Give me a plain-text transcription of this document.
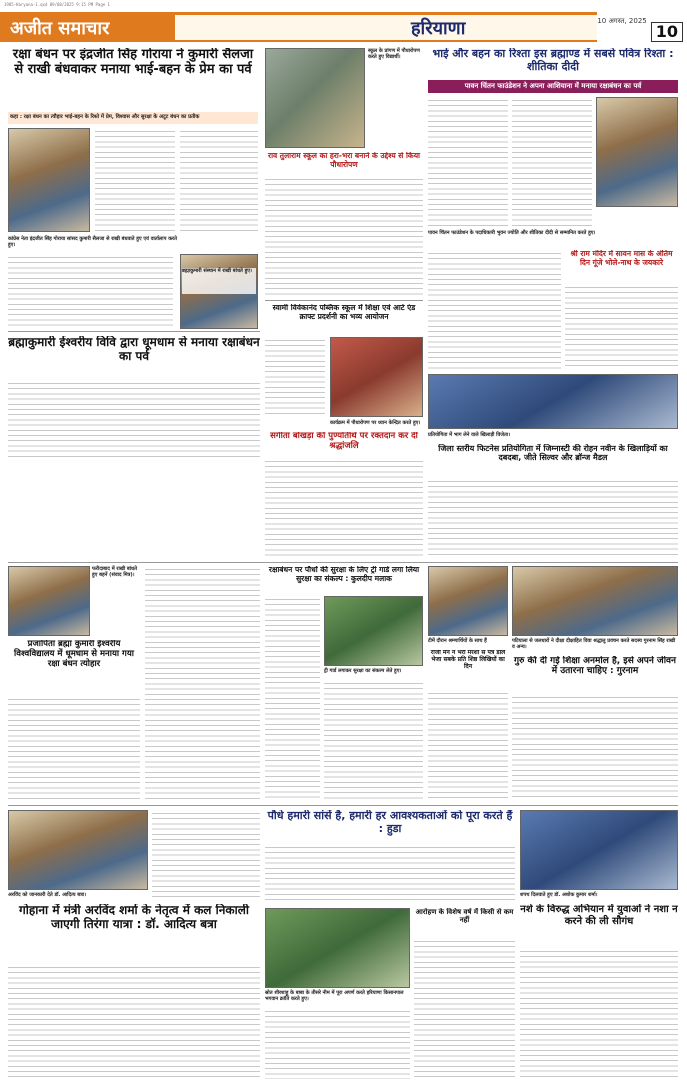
1985-Haryana-1.qxd 09/08/2025 9:15 PM Page 1
अजीत समाचार	हरियाणा	10 अगस्त, 2025
10
रक्षा बंधन पर इंद्रजीत सिंह गोराया ने कुमारी सैलजा से राखी बंधवाकर मनाया भाई-बहन के प्रेम का पर्व
कहा : रक्षा बंधन का त्यौहार भाई-बहन के रिश्ते में प्रेम, विश्वास और सुरक्षा के अटूट बंधन का प्रतीक
कांग्रेस नेता इंद्रजीत सिंह गोराया सांसद कुमारी सैलजा से राखी बंधवाते हुए एवं वार्तालाप करते हुए।
स्कूल के प्रांगण में पौधारोपण करते हुए विद्यार्थी।
ब्रह्माकुमारी संस्थान में राखी बांधते हुए।
ब्रह्माकुमारी ईश्वरीय विवि द्वारा धूमधाम से मनाया रक्षाबंधन का पर्व
राव तुलाराम स्कूल का हरा-भरा बनाने के उद्देश्य से किया पौधारोपण
स्वामी विवेकानंद पब्लिक स्कूल में शिक्षा एवं आर्ट एंड क्राफ्ट प्रदर्शनी का भव्य आयोजन
कार्यक्रम में पौधारोपण पर ध्यान केन्द्रित करते हुए।
संगीता बोखड़ा की पुण्यतिथि पर रक्तदान कर दी श्रद्धांजलि
भाई और बहन का रिश्ता इस ब्रह्माण्ड में सबसे पवित्र रिश्ता : शीतिका दीदी
पावन चिंतन फाउंडेशन ने अपना आशियाना में मनाया रक्षाबंधन का पर्व
पावन चिंतन फाउंडेशन के पदाधिकारी भुवन ज्योति और शीतिका दीदी से सम्मानित करते हुए।
श्री राम मंदिर में सावन मास के अंतिम दिन गूंजे भोले-नाथ के जयकारे
प्रतियोगिता में भाग लेने वाले खिलाड़ी विजेता।
जिला स्तरीय फिटनेस प्रतियोगिता में जिम्नास्टी की रोहन नवीन के खिलाड़ियों का दबदबा, जीते सिल्वर और ब्रॉन्ज मैडल
फरीदाबाद में राखी बांधते हुए बहनें (संवाद मित्र)।
प्रजापिता ब्रह्मा कुमारी ईश्वरीय विश्वविद्यालय में धूमधाम से मनाया गया रक्षा बंधन त्योहार
रक्षाबंधन पर पौधों की सुरक्षा के लिए ट्री गार्ड लगा लिया सुरक्षा का संकल्प : कुलदीप मलाक
ट्री गार्ड लगाकर सुरक्षा का संकल्प लेते हुए।
टीमें दौरान श्रम्णार्थियों के साथ हैं
राजी मैन ने भरी मरशा से पत्र डाले भेजा सबके प्रति शिष्ठ लिखियों का दिन
पटियाला से जलधारों ने दीक्षा दीक्षाहित विवा श्रद्धालु प्रवचन करते सदस्य गुरनाम सिंह राखी व अन्य।
गुरु की दी गई शिक्षा अनमोल है, इसे अपने जीवन में उतारना चाहिए : गुरनाम
अरविंद को जानकारी देते डॉ. आदित्य बत्रा।
गोहाना में मंत्री अरविंद शर्मा के नेतृत्व में कल निकाली जाएगी तिरंगा यात्रा : डॉ. आदित्य बत्रा
पौधे हमारी सांसें है, हमारी हर आवश्यकताओं को पूरा करते हैं : हुडा
स्रोत शीरशाहू के बाबा के तीसरे नीम में पूरा अपर्ण करते हरियाणा किसानपाल भगवान क्रांति करते हुए।
आरोहण के विशेष वर्ष में किसी से कम नहीं
शपथ दिलवाते हुए डॉ. अशोक कुमार शर्मा।
नशे के विरुद्ध अभियान में युवाओं ने नशा न करने की ली सौगंध
